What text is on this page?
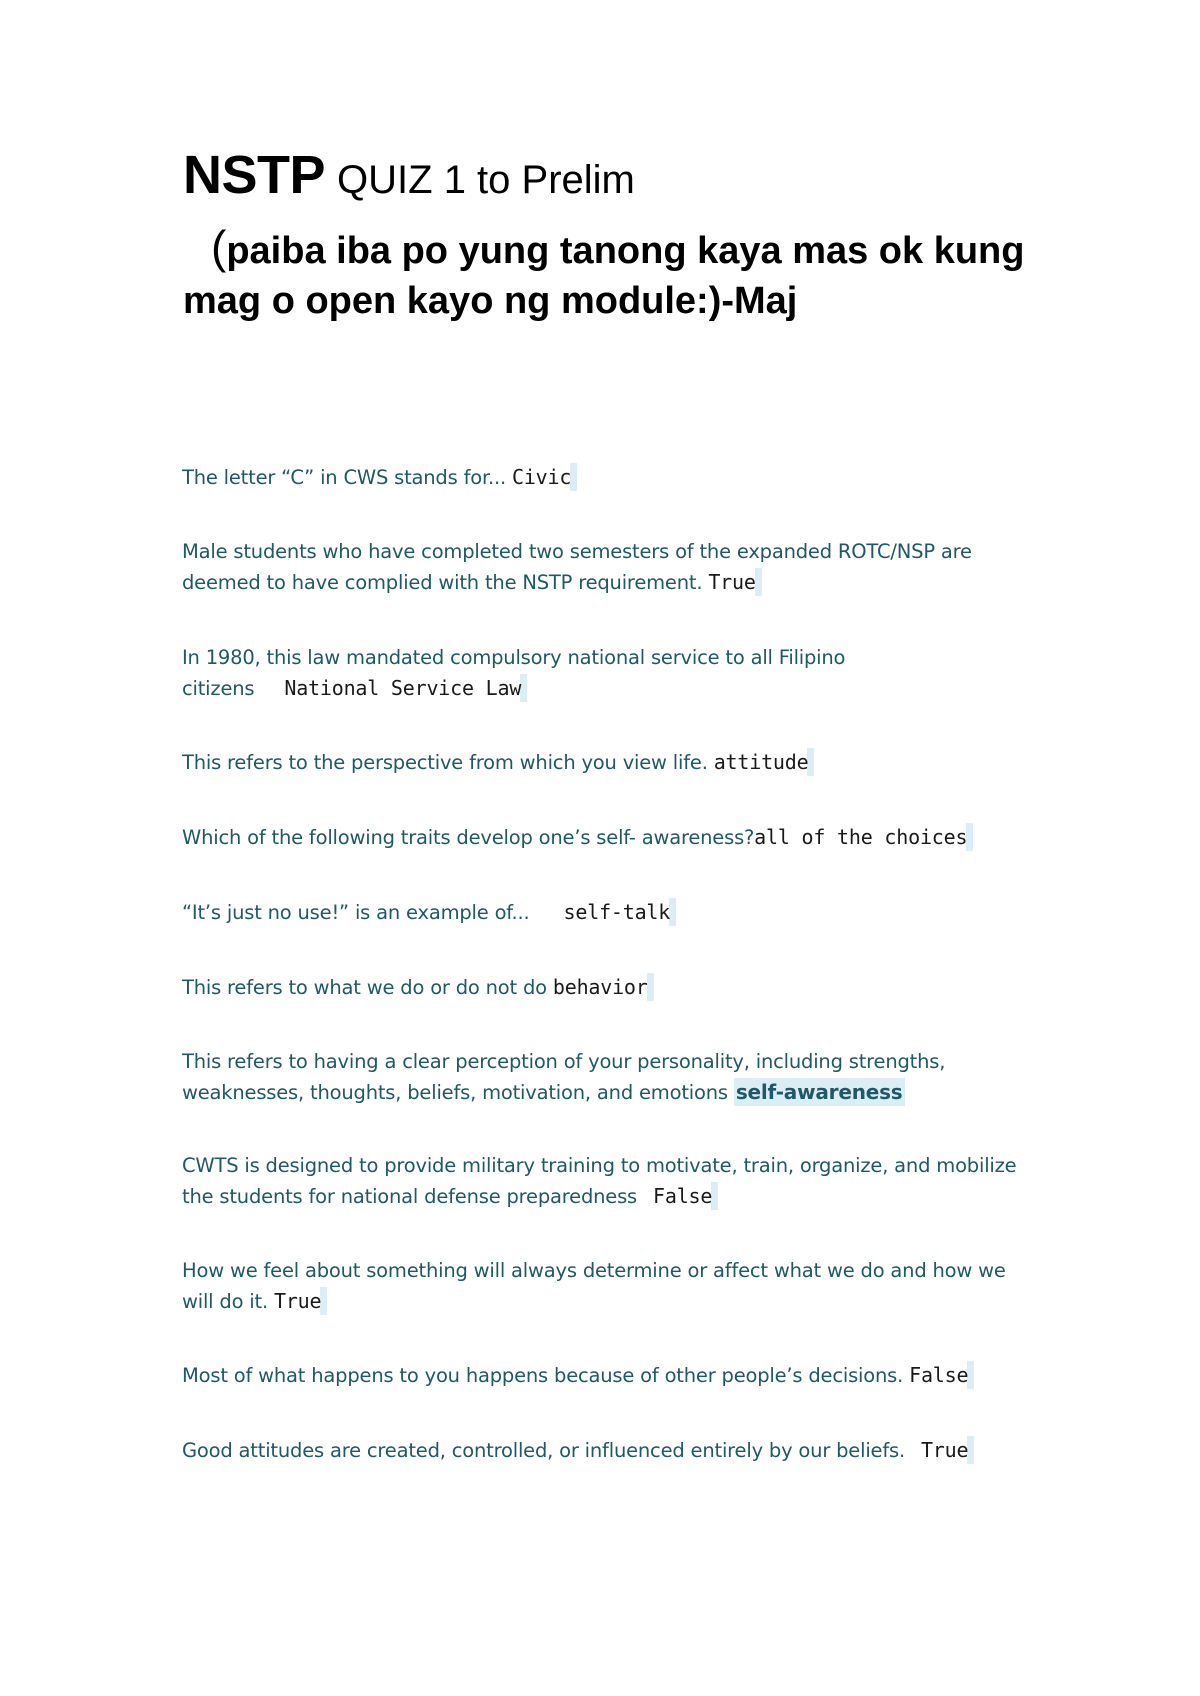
NSTP QUIZ 1 to Prelim

(paiba iba po yung tanong kaya mas ok kung mag o open kayo ng module:)-Maj

The letter “C” in CWS stands for... Civic

Male students who have completed two semesters of the expanded ROTC/NSP are deemed to have complied with the NSTP requirement. True

In 1980, this law mandated compulsory national service to all Filipino citizens National Service Law

This refers to the perspective from which you view life. attitude

Which of the following traits develop one’s self- awareness?all of the choices

“It’s just no use!” is an example of... self-talk

This refers to what we do or do not do behavior

This refers to having a clear perception of your personality, including strengths, weaknesses, thoughts, beliefs, motivation, and emotions self-awareness

CWTS is designed to provide military training to motivate, train, organize, and mobilize the students for national defense preparedness False

How we feel about something will always determine or affect what we do and how we will do it. True

Most of what happens to you happens because of other people’s decisions. False

Good attitudes are created, controlled, or influenced entirely by our beliefs. True
